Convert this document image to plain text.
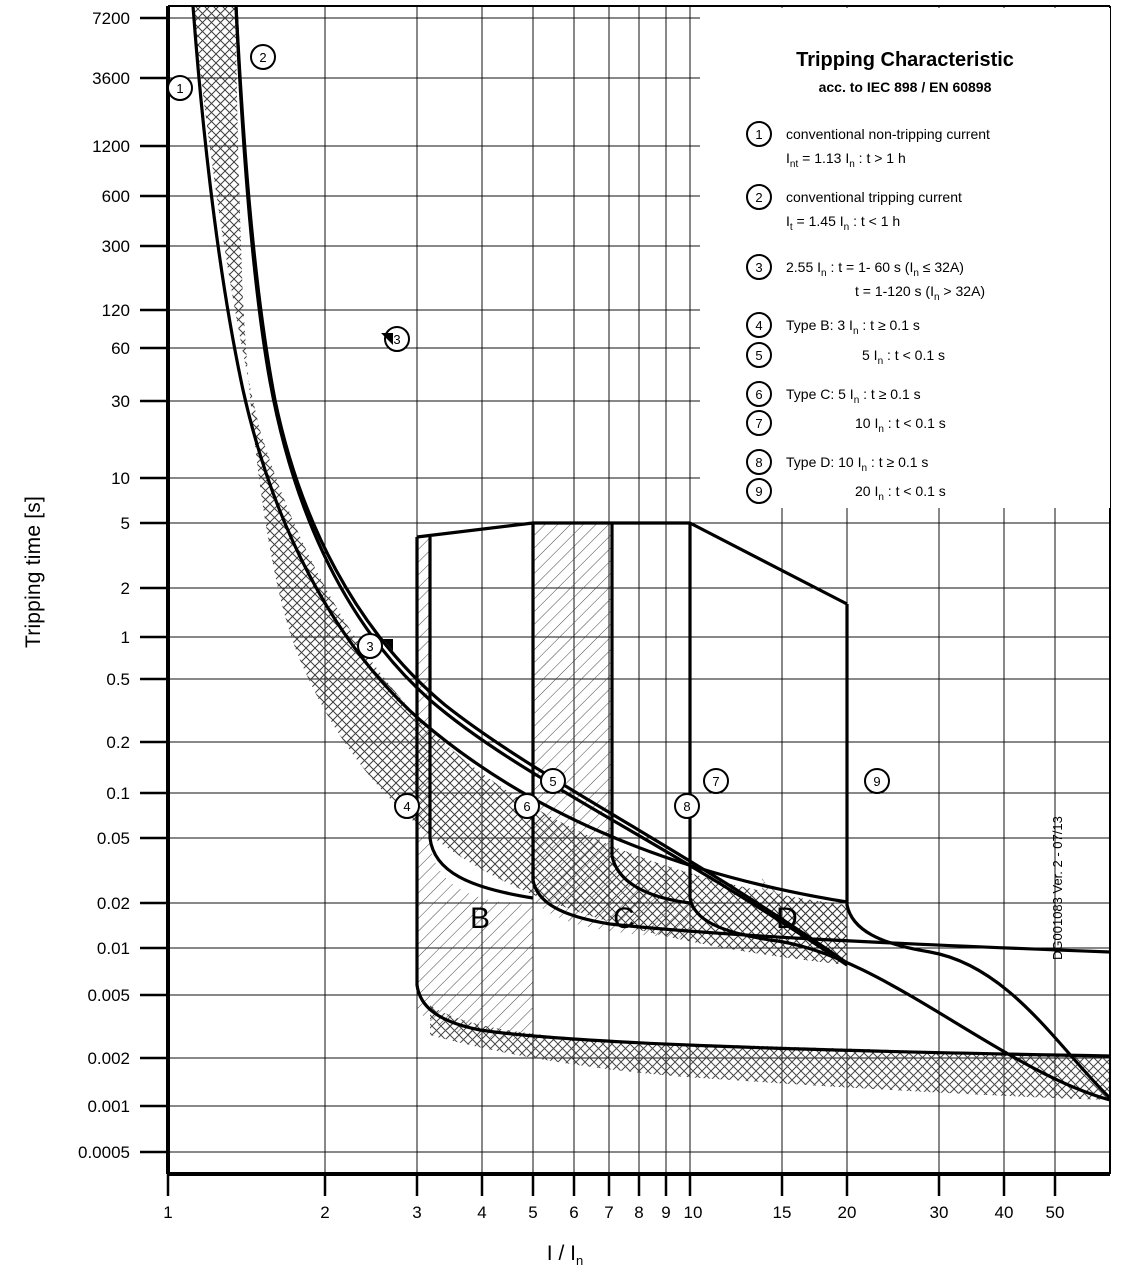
7200
3600
1200
600
300
120
60
30
10
5
2
1
0.5
0.2
0.1
0.05
0.02
0.01
0.005
0.002
0.001
0.0005
1	2	3	4 5 6 7 8 9 10	15	20	30	40 50
B	C	D
1
2
3
3
4
5
6
7
8
9
Tripping Characteristic
acc. to IEC 898 / EN 60898
1 conventional non-tripping current
$I_{nt} = 1.13$ $I_n$ : t > 1 h
2 conventional tripping current
$I_t = 1.45$ $I_n$ : t < 1 h
3 2.55 $I_n$ : t = 1- 60 s $(I_n \le 32A)$
t = 1-120 s $(I_n > 32A)$
4 Type B: 3 $I_n$ : t ≥ 0.1 s
5	5 $I_n$ : t < 0.1 s
6 Type C: 5 $I_n$ : t ≥ 0.1 s
7	10 $I_n$ : t < 0.1 s
8 Type D: 10 $I_n$ : t ≥ 0.1 s
9	20 $I_n$ : t < 0.1 s
Tripping time [s]
I / $I_n$
DG001083 Ver. 2 - 07/13
